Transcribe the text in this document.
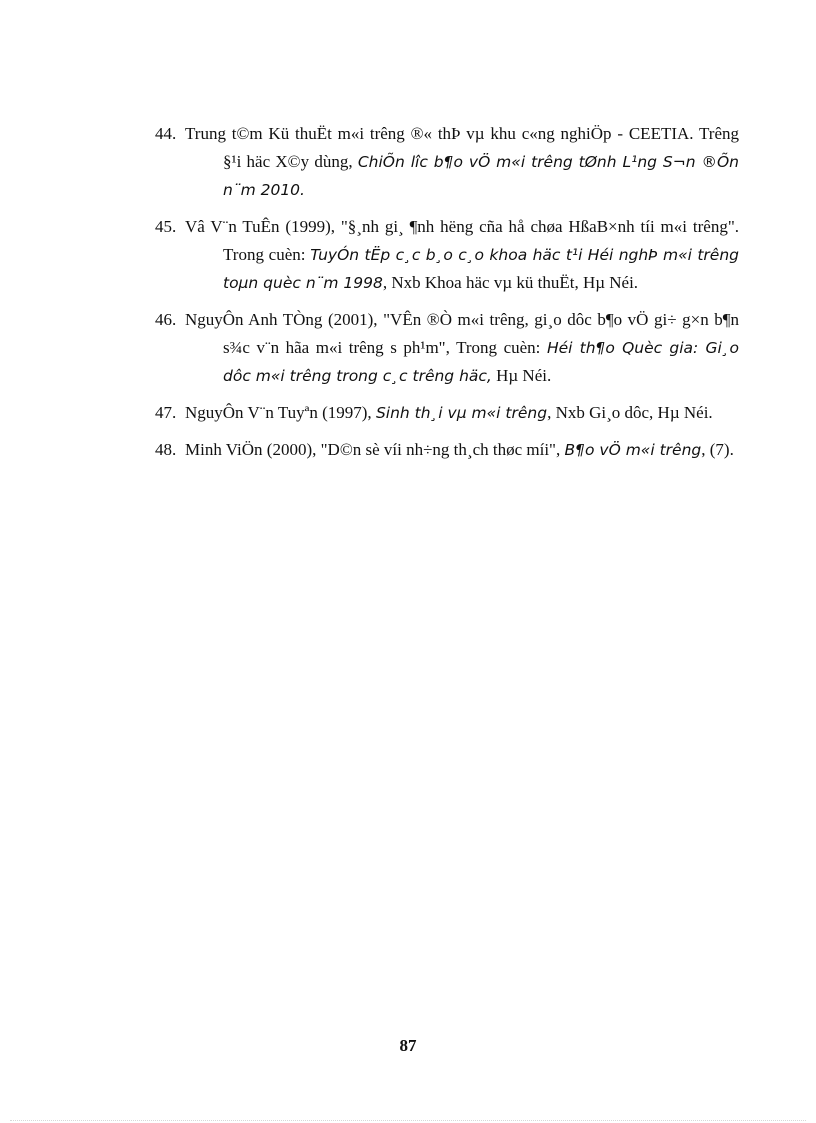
44. Trung t©m Kü thuËt m«i trêng ®« thÞ vµ khu c«ng nghiÖp - CEETIA. Trêng §¹i häc X©y dùng, ChiÕn lîc b¶o vÖ m«i trêng tØnh L¹ng S¬n ®Õn n¨m 2010.
45. Vâ V¨n TuÊn (1999), "§¸nh gi¸ ¶nh hëng cña hå chøa HßaB×nh tíi m«i trêng". Trong cuèn: TuyÓn tËp c¸c b¸o c¸o khoa häc t¹i Héi nghÞ m«i trêng toµn quèc n¨m 1998, Nxb Khoa häc vµ kü thuËt, Hµ Néi.
46. NguyÔn Anh TÒng (2001), "VÊn ®Ò m«i trêng, gi¸o dôc b¶o vÖ gi÷ g×n b¶n s¾c v¨n hãa m«i trêng s ph¹m", Trong cuèn: Héi th¶o Quèc gia: Gi¸o dôc m«i trêng trong c¸c trêng häc, Hµ Néi.
47. NguyÔn V¨n Tuyªn (1997), Sinh th¸i vµ m«i trêng, Nxb Gi¸o dôc, Hµ Néi.
48. Minh ViÖn (2000), "D©n sè víi nh÷ng th¸ch thøc míi", B¶o vÖ m«i trêng, (7).
87
